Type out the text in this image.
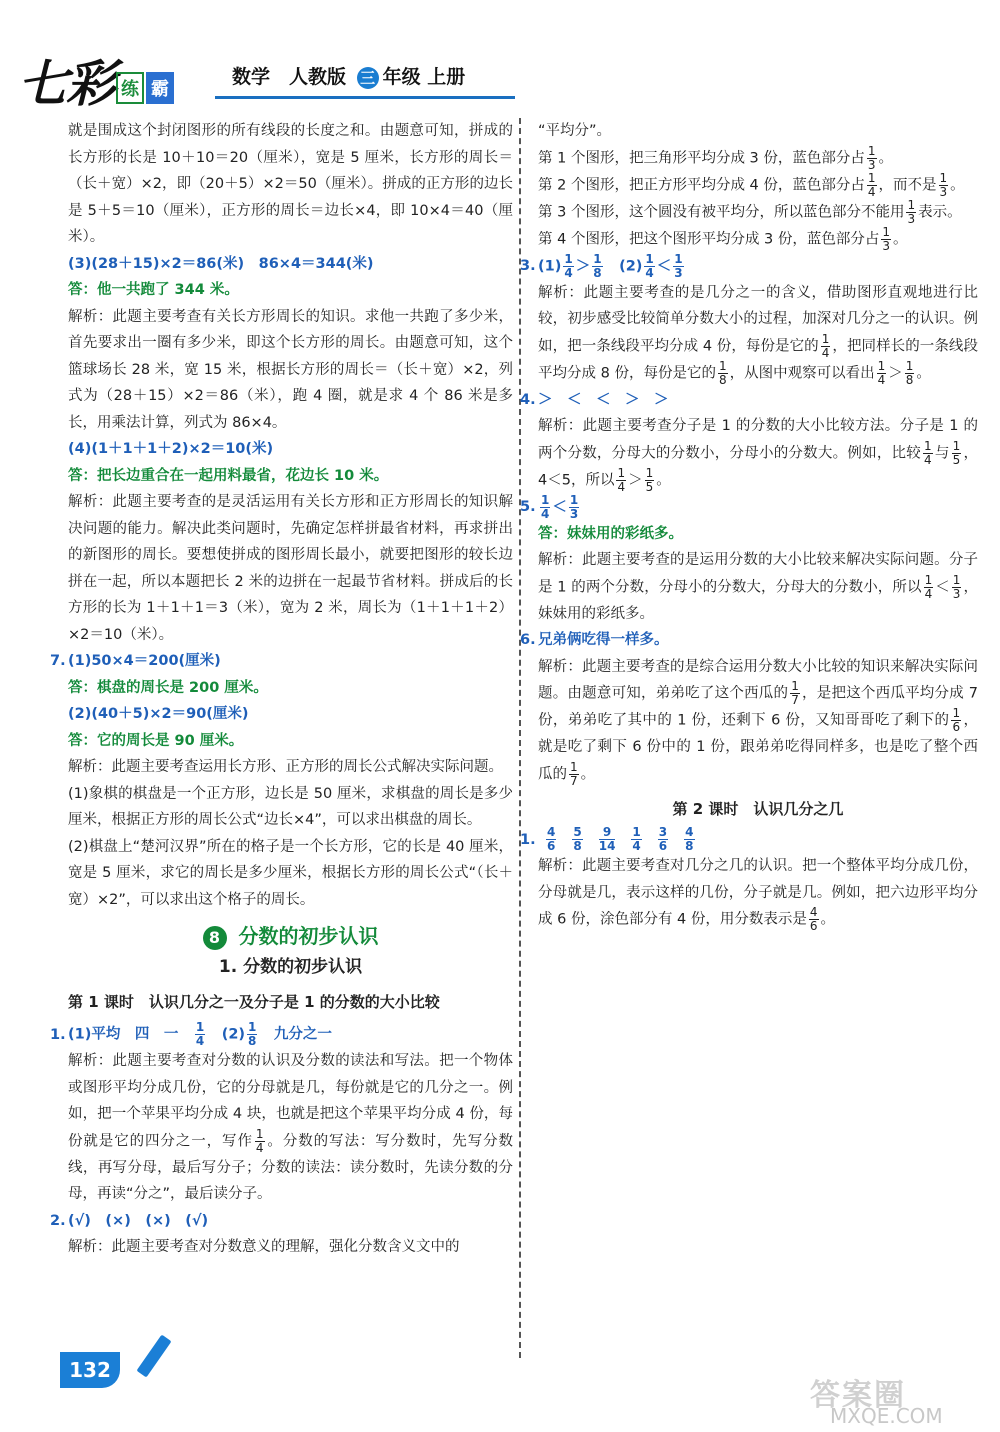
七彩 练 霸
数学　人教版 三 年级 上册

就是围成这个封闭图形的所有线段的长度之和。由题意可知，拼成的长方形的长是 10＋10＝20（厘米），宽是 5 厘米，长方形的周长＝（长＋宽）×2，即（20＋5）×2＝50（厘米）。拼成的正方形的边长是 5＋5＝10（厘米），正方形的周长＝边长×4，即 10×4＝40（厘米）。

(3)(28＋15)×2＝86(米)　86×4＝344(米)

答：他一共跑了 344 米。

解析：此题主要考查有关长方形周长的知识。求他一共跑了多少米，首先要求出一圈有多少米，即这个长方形的周长。由题意可知，这个篮球场长 28 米，宽 15 米，根据长方形的周长＝（长＋宽）×2，列式为（28＋15）×2＝86（米），跑 4 圈，就是求 4 个 86 米是多长，用乘法计算，列式为 86×4。

(4)(1＋1＋1＋2)×2＝10(米)

答：把长边重合在一起用料最省，花边长 10 米。

解析：此题主要考查的是灵活运用有关长方形和正方形周长的知识解决问题的能力。解决此类问题时，先确定怎样拼最省材料，再求拼出的新图形的周长。要想使拼成的图形周长最小，就要把图形的较长边拼在一起，所以本题把长 2 米的边拼在一起最节省材料。拼成后的长方形的长为 1＋1＋1＝3（米），宽为 2 米，周长为（1＋1＋1＋2）×2＝10（米）。

7. (1)50×4＝200(厘米)

答：棋盘的周长是 200 厘米。

(2)(40＋5)×2＝90(厘米)

答：它的周长是 90 厘米。

解析：此题主要考查运用长方形、正方形的周长公式解决实际问题。

(1)象棋的棋盘是一个正方形，边长是 50 厘米，求棋盘的周长是多少厘米，根据正方形的周长公式“边长×4”，可以求出棋盘的周长。

(2)棋盘上“楚河汉界”所在的格子是一个长方形，它的长是 40 厘米，宽是 5 厘米，求它的周长是多少厘米，根据长方形的周长公式“（长＋宽）×2”，可以求出这个格子的周长。

8 分数的初步认识
1. 分数的初步认识
第 1 课时　认识几分之一及分子是 1 的分数的大小比较

1. (1)平均　四　一　 $\frac{1}{4}$
　 $(2) \frac{1}{8}$
　 九分之一

解析：此题主要考查对分数的认识及分数的读法和写法。把一个物体或图形平均分成几份，它的分母就是几，每份就是它的几分之一。例如，把一个苹果平均分成 4 块，也就是把这个苹果平均分成 4 份，每份就是它的四分之一，写作 $\frac{1}{4}$ 。分数的写法：写分数时，先写分数线，再写分母，最后写分子；分数的读法：读分数时，先读分数的分母，再读“分之”，最后读分子。

2. (√)　(×)　(×)　(√)

解析：此题主要考查对分数意义的理解，强化分数含义文中的

“平均分”。

第 1 个图形，把三角形平均分成 3 份，蓝色部分占 $\frac{1}{3}$ 。

第 2 个图形，把正方形平均分成 4 份，蓝色部分占 $\frac{1}{4}$ ，而不是 $\frac{1}{3}$ 。

第 3 个图形，这个圆没有被平均分，所以蓝色部分不能用 $\frac{1}{3}$ 表示。

第 4 个图形，把这个图形平均分成 3 份，蓝色部分占 $\frac{1}{3}$ 。

3. $(1) \frac{1}{4} > \frac{1}{8}$
　 $(2) \frac{1}{4} < \frac{1}{3}$

解析：此题主要考查的是几分之一的含义，借助图形直观地进行比较，初步感受比较简单分数大小的过程，加深对几分之一的认识。例如，把一条线段平均分成 4 份，每份是它的 $\frac{1}{4}$ ，把同样长的一条线段平均分成 8 份，每份是它的 $\frac{1}{8}$ ，从图中观察可以看出 $\frac{1}{4} > \frac{1}{8}$ 。

4. ＞　＜　＜　＞　＞

解析：此题主要考查分子是 1 的分数的大小比较方法。分子是 1 的两个分数，分母大的分数小，分母小的分数大。例如，比较 $\frac{1}{4}$ 与 $\frac{1}{5}$ ，4＜5，所以 $\frac{1}{4} > \frac{1}{5}$ 。

5. $\frac{1}{4} < \frac{1}{3}$

答：妹妹用的彩纸多。

解析：此题主要考查的是运用分数的大小比较来解决实际问题。分子是 1 的两个分数，分母小的分数大，分母大的分数小，所以 $\frac{1}{4} < \frac{1}{3}$ ，妹妹用的彩纸多。

6. 兄弟俩吃得一样多。

解析：此题主要考查的是综合运用分数大小比较的知识来解决实际问题。由题意可知，弟弟吃了这个西瓜的 $\frac{1}{7}$ ，是把这个西瓜平均分成 7 份，弟弟吃了其中的 1 份，还剩下 6 份，又知哥哥吃了剩下的 $\frac{1}{6}$ ，就是吃了剩下 6 份中的 1 份，跟弟弟吃得同样多，也是吃了整个西瓜的 $\frac{1}{7}$ 。

第 2 课时　认识几分之几

1. $\frac{4}{6} \frac{5}{8} \frac{9}{14} \frac{1}{4} \frac{3}{6} \frac{4}{8}$

解析：此题主要考查对几分之几的认识。把一个整体平均分成几份，分母就是几，表示这样的几份，分子就是几。例如，把六边形平均分成 6 份，涂色部分有 4 份，用分数表示是 $\frac{4}{6}$ 。

132
答案圈
MXQE.COM
